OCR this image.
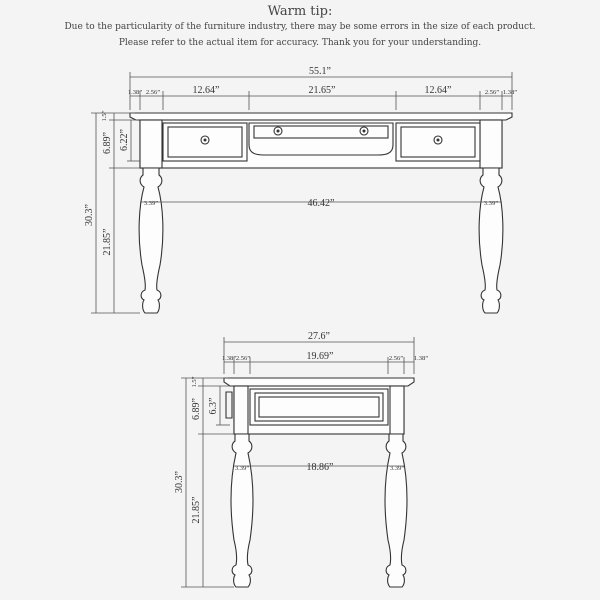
Warm tip:
Due to the particularity of the furniture industry, there may be some errors in the size of each product.
Please refer to the actual item for accuracy. Thank you for your understanding.
55.1”
1.38” 2.56”	12.64”	21.65”	12.64”	2.56” 1.38”
46.42”
3.39”	3.39”
1.5”
6.89” 6.22”
30.3”
21.85”
27.6”
1.38” 2.56”	19.69”	2.56” 1.38”
18.86”
3.39”	3.39”
1.5”
6.89” 6.3”
30.3”
21.85”
